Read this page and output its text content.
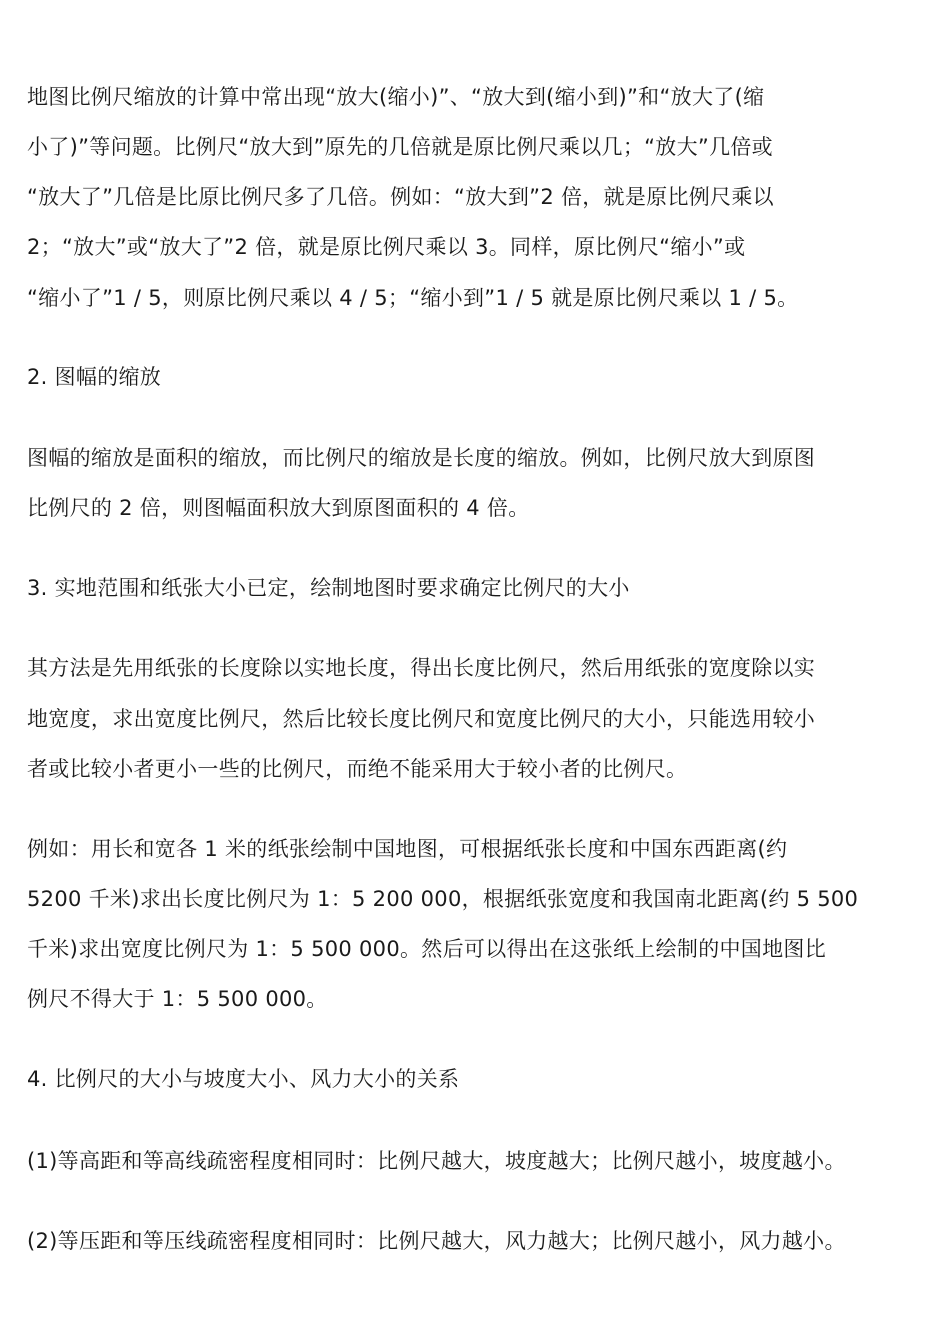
地图比例尺缩放的计算中常出现“放大(缩小)”、“放大到(缩小到)”和“放大了(缩
小了)”等问题。比例尺“放大到”原先的几倍就是原比例尺乘以几；“放大”几倍或
“放大了”几倍是比原比例尺多了几倍。例如：“放大到”2 倍，就是原比例尺乘以
2；“放大”或“放大了”2 倍，就是原比例尺乘以 3。同样，原比例尺“缩小”或
“缩小了”1 / 5，则原比例尺乘以 4 / 5；“缩小到”1 / 5 就是原比例尺乘以 1 / 5。
2. 图幅的缩放
图幅的缩放是面积的缩放，而比例尺的缩放是长度的缩放。例如，比例尺放大到原图
比例尺的 2 倍，则图幅面积放大到原图面积的 4 倍。
3. 实地范围和纸张大小已定，绘制地图时要求确定比例尺的大小
其方法是先用纸张的长度除以实地长度，得出长度比例尺，然后用纸张的宽度除以实
地宽度，求出宽度比例尺，然后比较长度比例尺和宽度比例尺的大小，只能选用较小
者或比较小者更小一些的比例尺，而绝不能采用大于较小者的比例尺。
例如：用长和宽各 1 米的纸张绘制中国地图，可根据纸张长度和中国东西距离(约
5200 千米)求出长度比例尺为 1：5 200 000，根据纸张宽度和我国南北距离(约 5 500
千米)求出宽度比例尺为 1：5 500 000。然后可以得出在这张纸上绘制的中国地图比
例尺不得大于 1：5 500 000。
4. 比例尺的大小与坡度大小、风力大小的关系
(1)等高距和等高线疏密程度相同时：比例尺越大，坡度越大；比例尺越小，坡度越小。
(2)等压距和等压线疏密程度相同时：比例尺越大，风力越大；比例尺越小，风力越小。
